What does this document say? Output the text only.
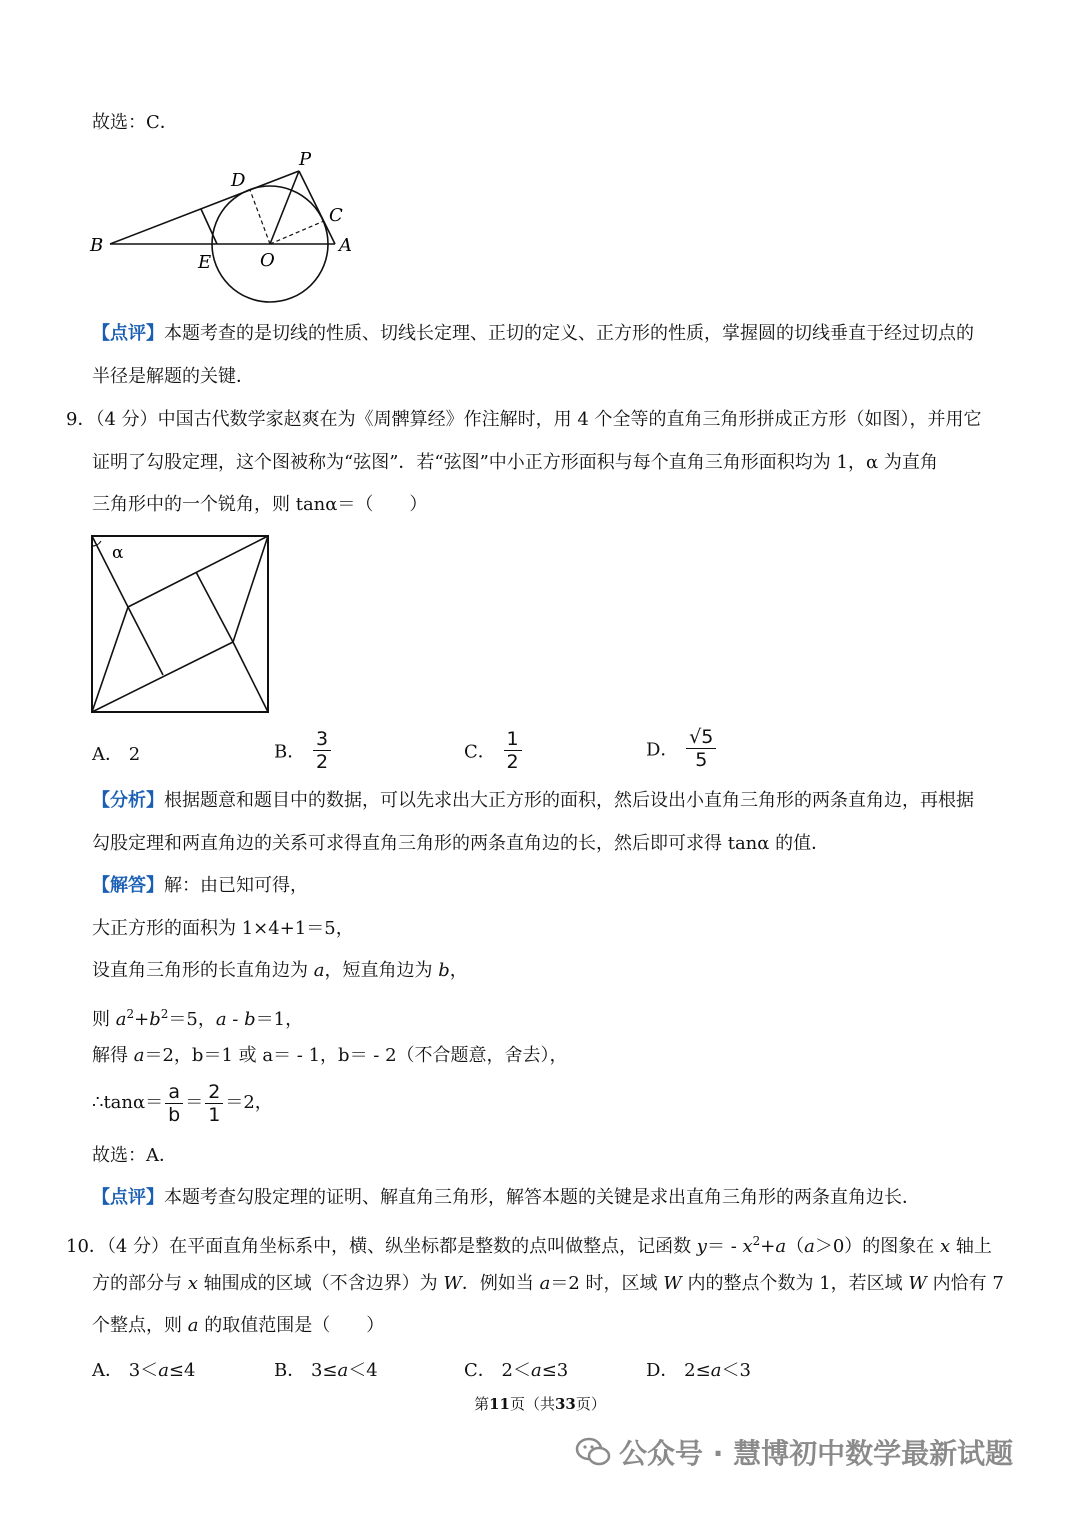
故选：C．
B
E	O
A
D
P
C
【点评】本题考查的是切线的性质、切线长定理、正切的定义、正方形的性质，掌握圆的切线垂直于经过切点的
半径是解题的关键．
9．（4 分）中国古代数学家赵爽在为《周髀算经》作注解时，用 4 个全等的直角三角形拼成正方形（如图），并用它
证明了勾股定理，这个图被称为“弦图”．若“弦图”中小正方形面积与每个直角三角形面积均为 1，α 为直角
三角形中的一个锐角，则 tanα＝（　　）
α
A． 2	B． $\frac{3}{2}$	C． $\frac{1}{2}$	D． $\frac{√5}{5}$
【分析】根据题意和题目中的数据，可以先求出大正方形的面积，然后设出小直角三角形的两条直角边，再根据
勾股定理和两直角边的关系可求得直角三角形的两条直角边的长，然后即可求得 tanα 的值．
【解答】解：由已知可得，
大正方形的面积为 1×4+1＝5，
设直角三角形的长直角边为 a，短直角边为 b，
则 $a^2+b^2=5$，a - b＝1，
解得 a＝2，b＝1 或 a＝ - 1，b＝ - 2（不合题意，舍去），
∴tanα＝ $\frac{a}{b} = \frac{2}{1} =2$，
故选：A．
【点评】本题考查勾股定理的证明、解直角三角形，解答本题的关键是求出直角三角形的两条直角边长．
10．（4 分）在平面直角坐标系中，横、纵坐标都是整数的点叫做整点，记函数 $y= - x^2+a(a>0)$的图象在 x 轴上
方的部分与 x 轴围成的区域（不含边界）为 W．例如当 a＝2 时，区域 W 内的整点个数为 1，若区域 W 内恰有 7
个整点，则 a 的取值范围是（　　）
A． 3＜a≤4	B． 3≤a＜4	C． 2＜a≤3	D． 2≤a＜3
第11页（共33页）
公众号 · 慧博初中数学最新试题
